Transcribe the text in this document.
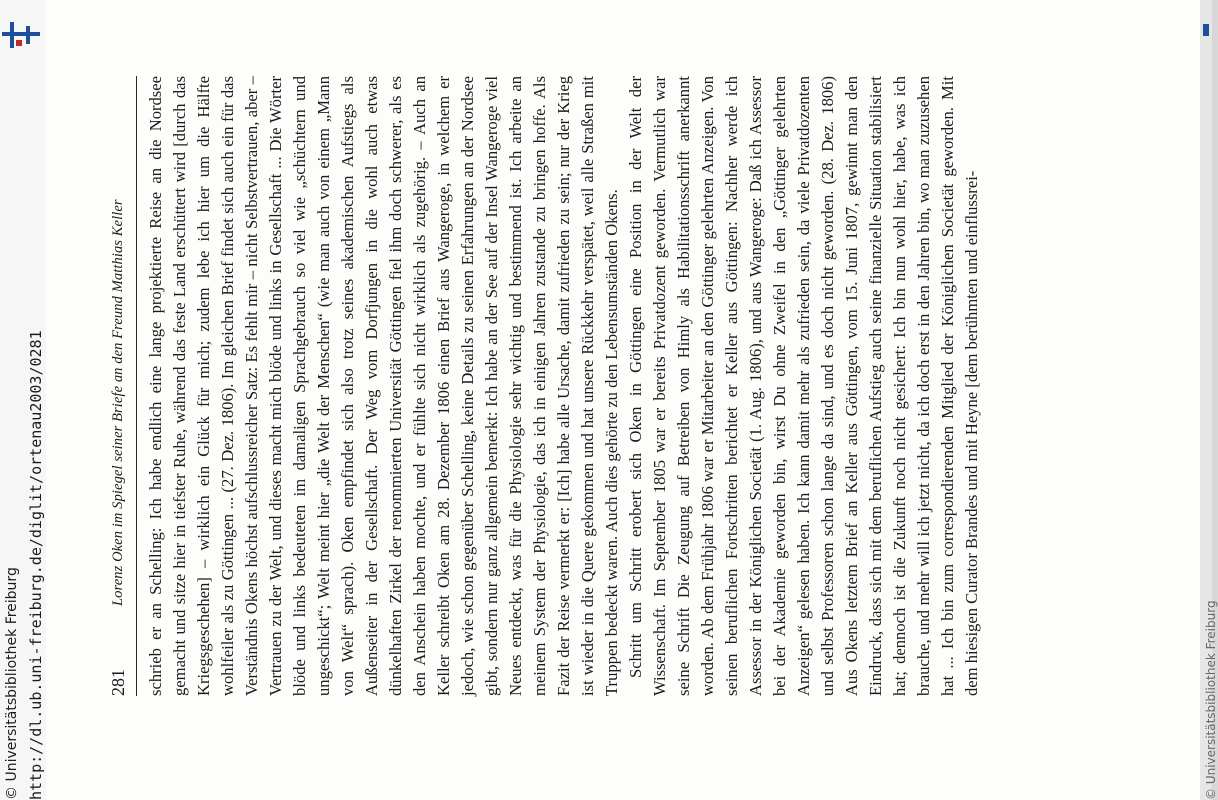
© Universitätsbibliothek Freiburg http://dl.ub.uni-freiburg.de/diglit/ortenau2003/0281	© Universitätsbibliothek Freiburg
281
Lorenz Oken im Spiegel seiner Briefe an den Freund Matthias Keller schrieb er an Schelling: Ich habe endlich eine lange projektierte Reise an die Nordsee gemacht und sitze hier in tiefster Ruhe, während das feste Land erschüttert wird [durch das Kriegsgeschehen] – wirklich ein Glück für mich; zudem lebe ich hier um die Hälfte wohlfeiler als zu Göttingen ... (27. Dez. 1806). Im gleichen Brief findet sich auch ein für das Verständnis Okens höchst aufschlussreicher Satz: Es fehlt mir – nicht Selbstvertrauen, aber – Vertrauen zu der Welt, und dieses macht mich blöde und links in Gesellschaft ... Die Wörter blöde und links bedeuteten im damaligen Sprachgebrauch so viel wie „schüchtern und ungeschickt“; Welt meint hier „die Welt der Menschen“ (wie man auch von einem „Mann von Welt“ sprach). Oken empfindet sich also trotz seines akademischen Aufstiegs als Außenseiter in der Gesellschaft. Der Weg vom Dorfjungen in die wohl auch etwas dünkelhaften Zirkel der renommierten Universität Göttingen fiel ihm doch schwerer, als es den Anschein haben mochte, und er fühlte sich nicht wirklich als zugehörig. – Auch an Keller schreibt Oken am 28. Dezember 1806 einen Brief aus Wangeroge, in welchem er jedoch, wie schon gegenüber Schelling, keine Details zu seinen Erfahrungen an der Nordsee gibt, sondern nur ganz allgemein bemerkt: Ich habe an der See auf der Insel Wangeroge viel Neues entdeckt, was für die Physiologie sehr wichtig und bestimmend ist. Ich arbeite an meinem System der Physiologie, das ich in einigen Jahren zustande zu bringen hoffe. Als Fazit der Reise vermerkt er: [Ich] habe alle Ursache, damit zufrieden zu sein; nur der Krieg ist wieder in die Quere gekommen und hat unsere Rückkehr verspätet, weil alle Straßen mit Truppen bedeckt waren. Auch dies gehörte zu den Lebensumständen Okens. Schritt um Schritt erobert sich Oken in Göttingen eine Position in der Welt der Wissenschaft. Im September 1805 war er bereits Privatdozent geworden. Vermutlich war seine Schrift Die Zeugung auf Betreiben von Himly als Habilitationsschrift anerkannt worden. Ab dem Frühjahr 1806 war er Mitarbeiter an den Göttinger gelehrten Anzeigen. Von seinen beruflichen Fortschritten berichtet er Keller aus Göttingen: Nachher werde ich Assessor in der Königlichen Societät (1. Aug. 1806), und aus Wangeroge: Daß ich Assessor bei der Akademie geworden bin, wirst Du ohne Zweifel in den „Göttinger gelehrten Anzeigen“ gelesen haben. Ich kann damit mehr als zufrieden sein, da viele Privatdozenten und selbst Professoren schon lange da sind, und es doch nicht geworden. (28. Dez. 1806) Aus Okens letztem Brief an Keller aus Göttingen, vom 15. Juni 1807, gewinnt man den Eindruck, dass sich mit dem beruflichen Aufstieg auch seine finanzielle Situation stabilisiert hat; dennoch ist die Zukunft noch nicht gesichert: Ich bin nun wohl hier, habe, was ich brauche, und mehr will ich jetzt nicht, da ich doch erst in den Jahren bin, wo man zuzusehen hat ... Ich bin zum correspondierenden Mitglied der Königlichen Societät geworden. Mit dem hiesigen Curator Brandes und mit Heyne [dem berühmten und einflussrei-
